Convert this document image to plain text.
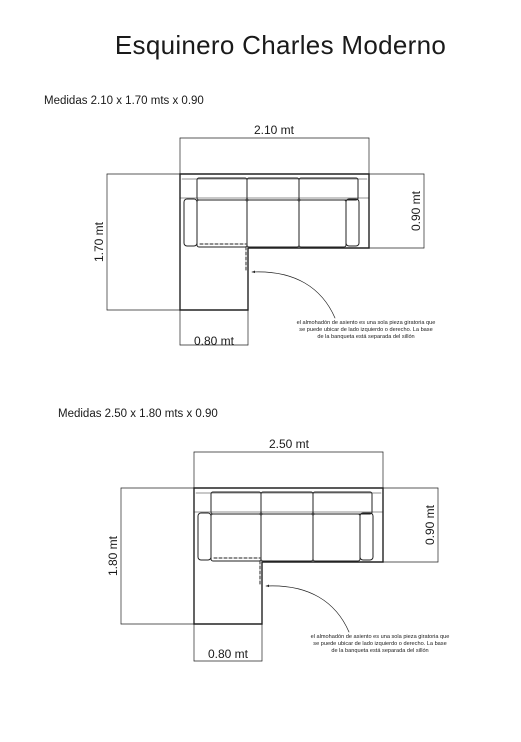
Esquinero Charles Moderno
Medidas 2.10 x 1.70 mts x 0.90
Medidas 2.50 x 1.80 mts x 0.90
2.10 mt
1.70 mt
0.90 mt
0.80 mt
el almohadón de asiento es una sola pieza giratoria que
se puede ubicar de lado izquierdo o derecho. La base
de la banqueta está separada del sillón
2.50 mt
1.80 mt
0.90 mt
0.80 mt
el almohadón de asiento es una sola pieza giratoria que
se puede ubicar de lado izquierdo o derecho. La base
de la banqueta está separada del sillón
